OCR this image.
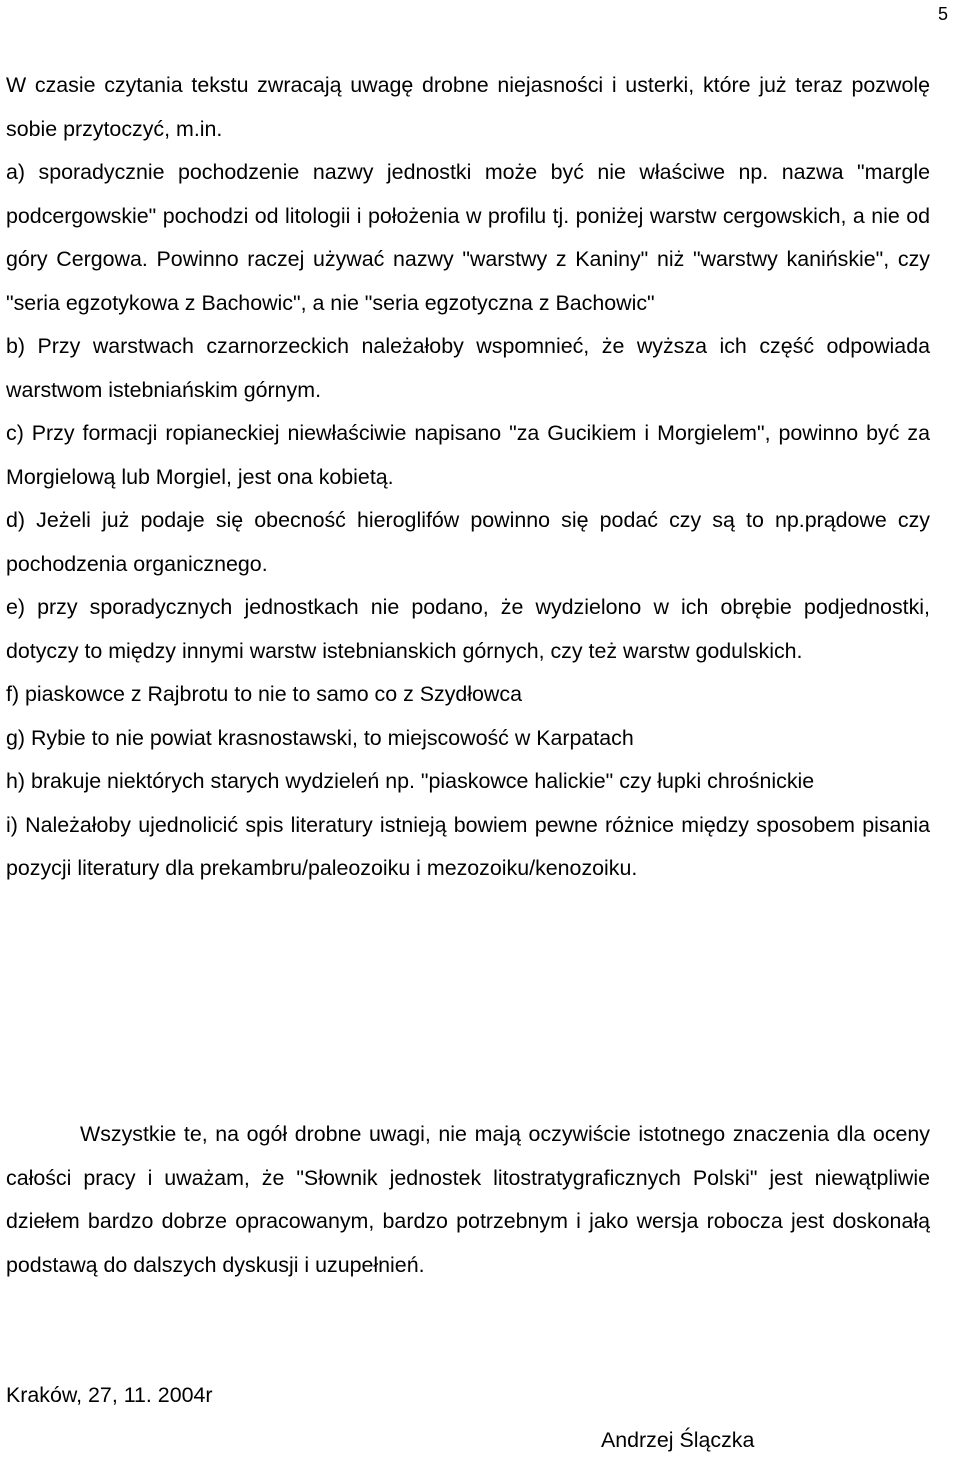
5

W czasie czytania tekstu zwracają uwagę drobne niejasności i usterki, które już teraz pozwolę sobie przytoczyć, m.in.

a) sporadycznie pochodzenie nazwy jednostki może być nie właściwe np. nazwa "margle podcergowskie" pochodzi od litologii i położenia w profilu tj. poniżej warstw cergowskich, a nie od góry Cergowa. Powinno raczej używać nazwy "warstwy z Kaniny" niż "warstwy kanińskie", czy "seria egzotykowa z Bachowic", a nie "seria egzotyczna z Bachowic"

b) Przy warstwach czarnorzeckich należałoby wspomnieć, że wyższa ich część odpowiada warstwom istebniańskim górnym.

c) Przy formacji ropianeckiej niewłaściwie napisano "za Gucikiem i Morgielem", powinno być za Morgielową lub Morgiel, jest ona kobietą.

d) Jeżeli już podaje się obecność hieroglifów powinno się podać czy są to np.prądowe czy pochodzenia organicznego.

e) przy sporadycznych jednostkach nie podano, że wydzielono w ich obrębie podjednostki, dotyczy to między innymi warstw istebnianskich górnych, czy też warstw godulskich.

f) piaskowce z Rajbrotu to nie to samo co z Szydłowca

g) Rybie to nie powiat krasnostawski, to miejscowość w Karpatach

h) brakuje niektórych starych wydzieleń np. "piaskowce halickie" czy łupki chrośnickie

i) Należałoby ujednolicić spis literatury istnieją bowiem pewne różnice między sposobem pisania pozycji literatury dla prekambru/paleozoiku i mezozoiku/kenozoiku.

Wszystkie te, na ogół drobne uwagi, nie mają oczywiście istotnego znaczenia dla oceny całości pracy i uważam, że "Słownik jednostek litostratygraficznych Polski" jest niewątpliwie dziełem bardzo dobrze opracowanym, bardzo potrzebnym i jako wersja robocza jest doskonałą podstawą do dalszych dyskusji i uzupełnień.

Kraków, 27, 11. 2004r
Andrzej Ślączka
